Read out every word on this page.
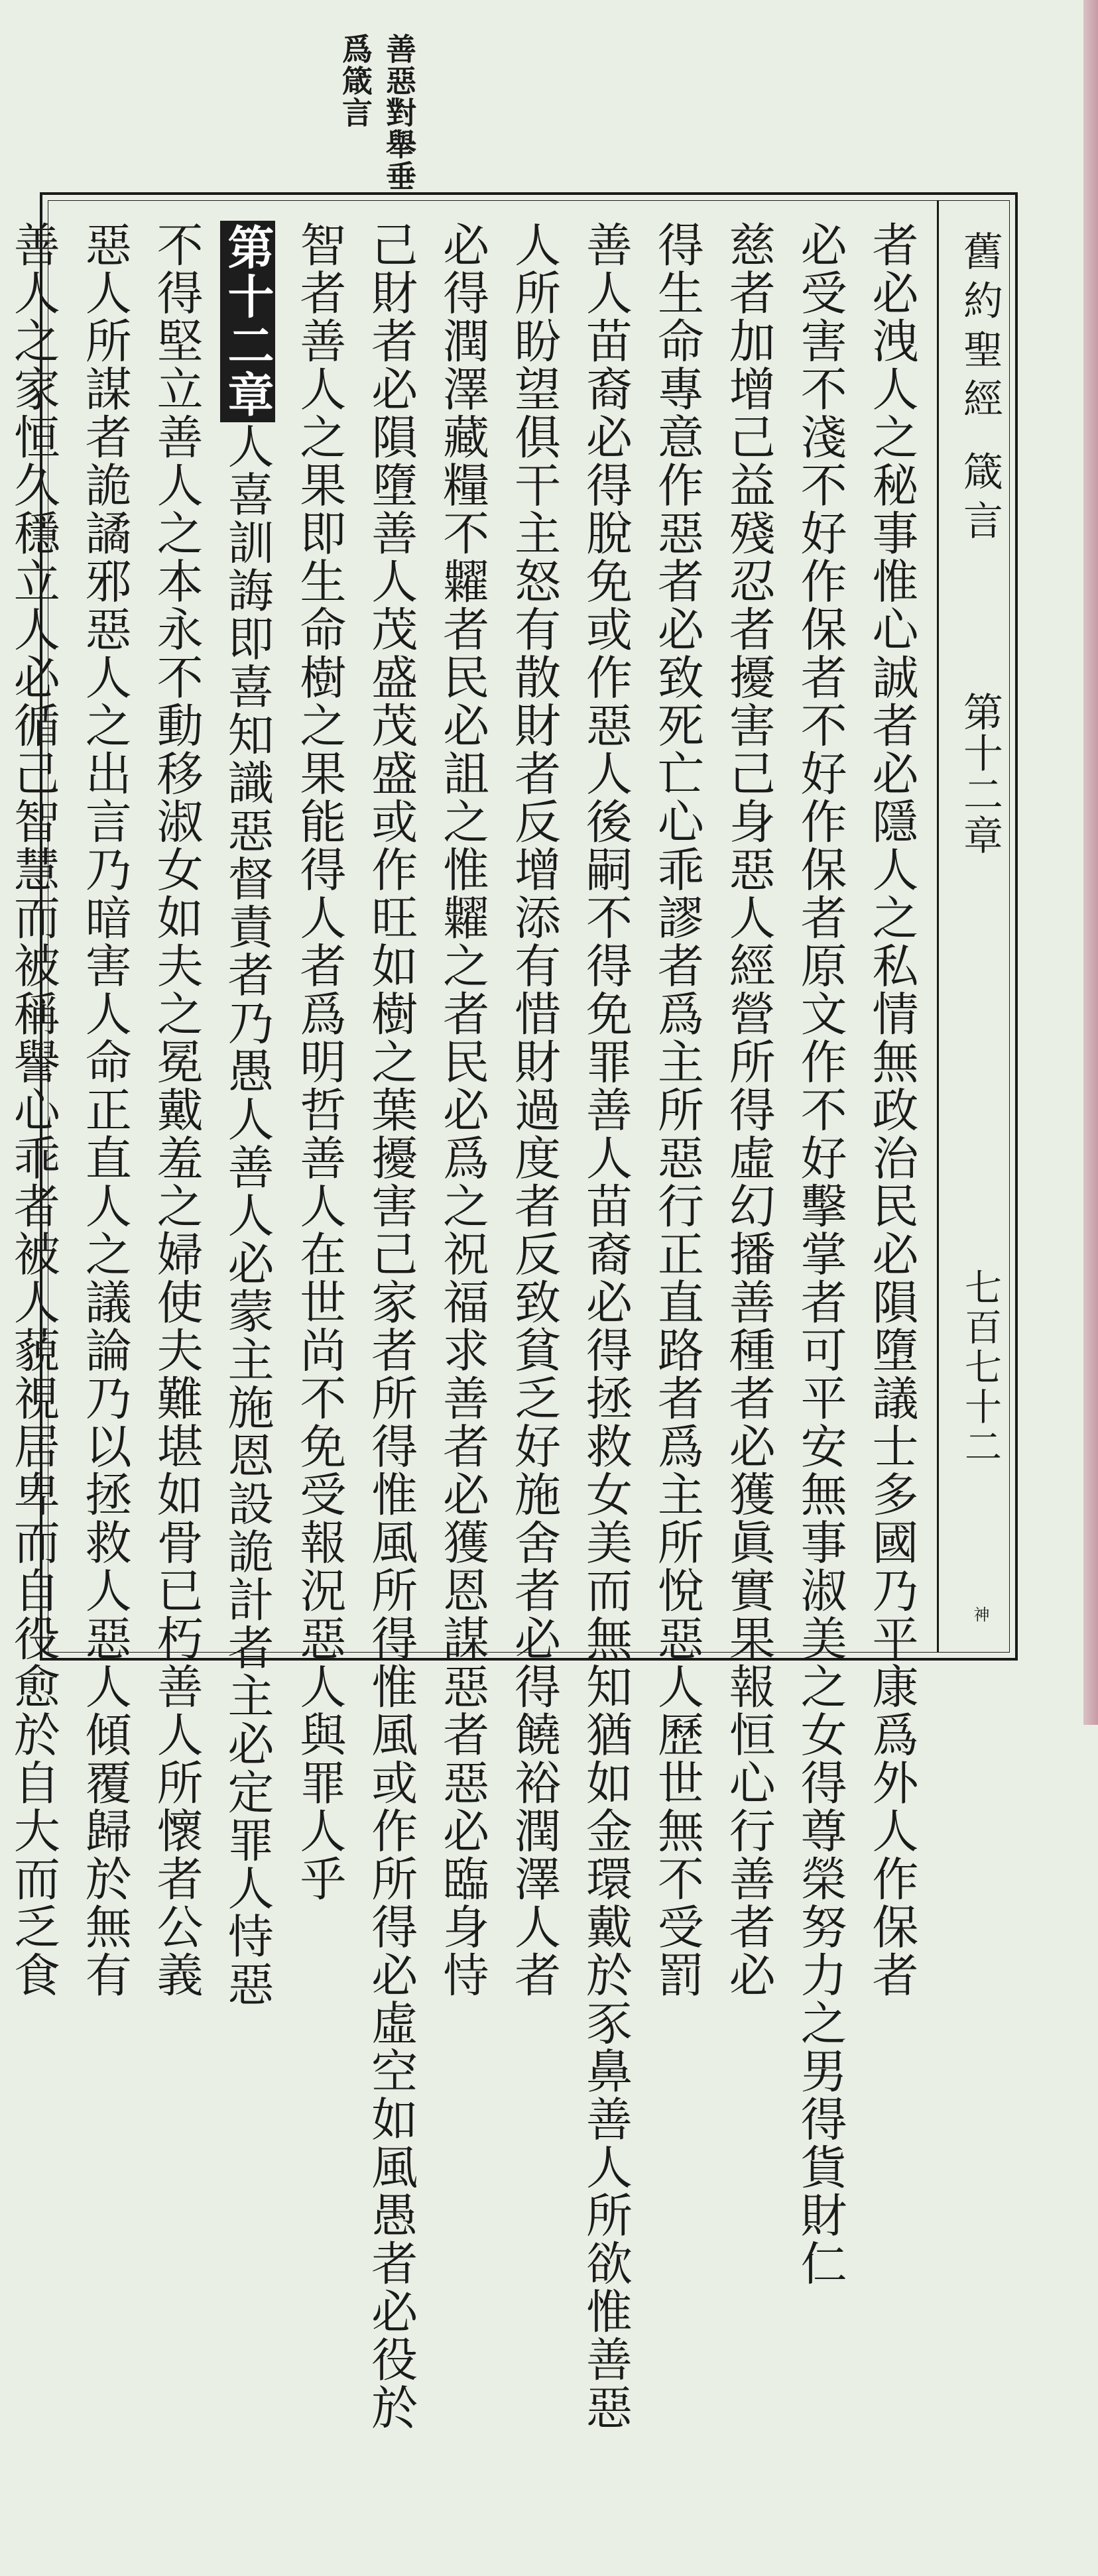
善惡對舉垂
爲箴言
舊約聖經箴言
第十二章
七百七十二
神
者必洩人之秘事惟心誠者必隱人之私情無政治民必隕墮議士多國乃平康爲外人作保者
必受害不淺不好作保者不好作保者原文作不好擊掌者可平安無事淑美之女得尊榮努力之男得貨財仁
慈者加增己益殘忍者擾害己身惡人經營所得虛幻播善種者必獲眞實果報恒心行善者必
得生命專意作惡者必致死亡心乖謬者爲主所惡行正直路者爲主所悅惡人歷世無不受罰
善人苗裔必得脫免或作惡人後嗣不得免罪善人苗裔必得拯救女美而無知猶如金環戴於豕鼻善人所欲惟善惡
人所盼望俱干主怒有散財者反增添有惜財過度者反致貧乏好施舍者必得饒裕潤澤人者
必得潤澤藏糧不糶者民必詛之惟糶之者民必爲之祝福求善者必獲恩謀惡者惡必臨身恃
己財者必隕墮善人茂盛茂盛或作旺如樹之葉擾害己家者所得惟風所得惟風或作所得必虛空如風愚者必役於
智者善人之果即生命樹之果能得人者爲明哲善人在世尚不免受報況惡人與罪人乎
第十二章人喜訓誨即喜知識惡督責者乃愚人善人必蒙主施恩設詭計者主必定罪人恃惡
不得堅立善人之本永不動移淑女如夫之冕戴羞之婦使夫難堪如骨已朽善人所懷者公義
惡人所謀者詭譎邪惡人之出言乃暗害人命正直人之議論乃以拯救人惡人傾覆歸於無有
善人之家恒久穩立人必循己智慧而被稱譽心乖者被人藐視居卑而自役愈於自大而乏食
